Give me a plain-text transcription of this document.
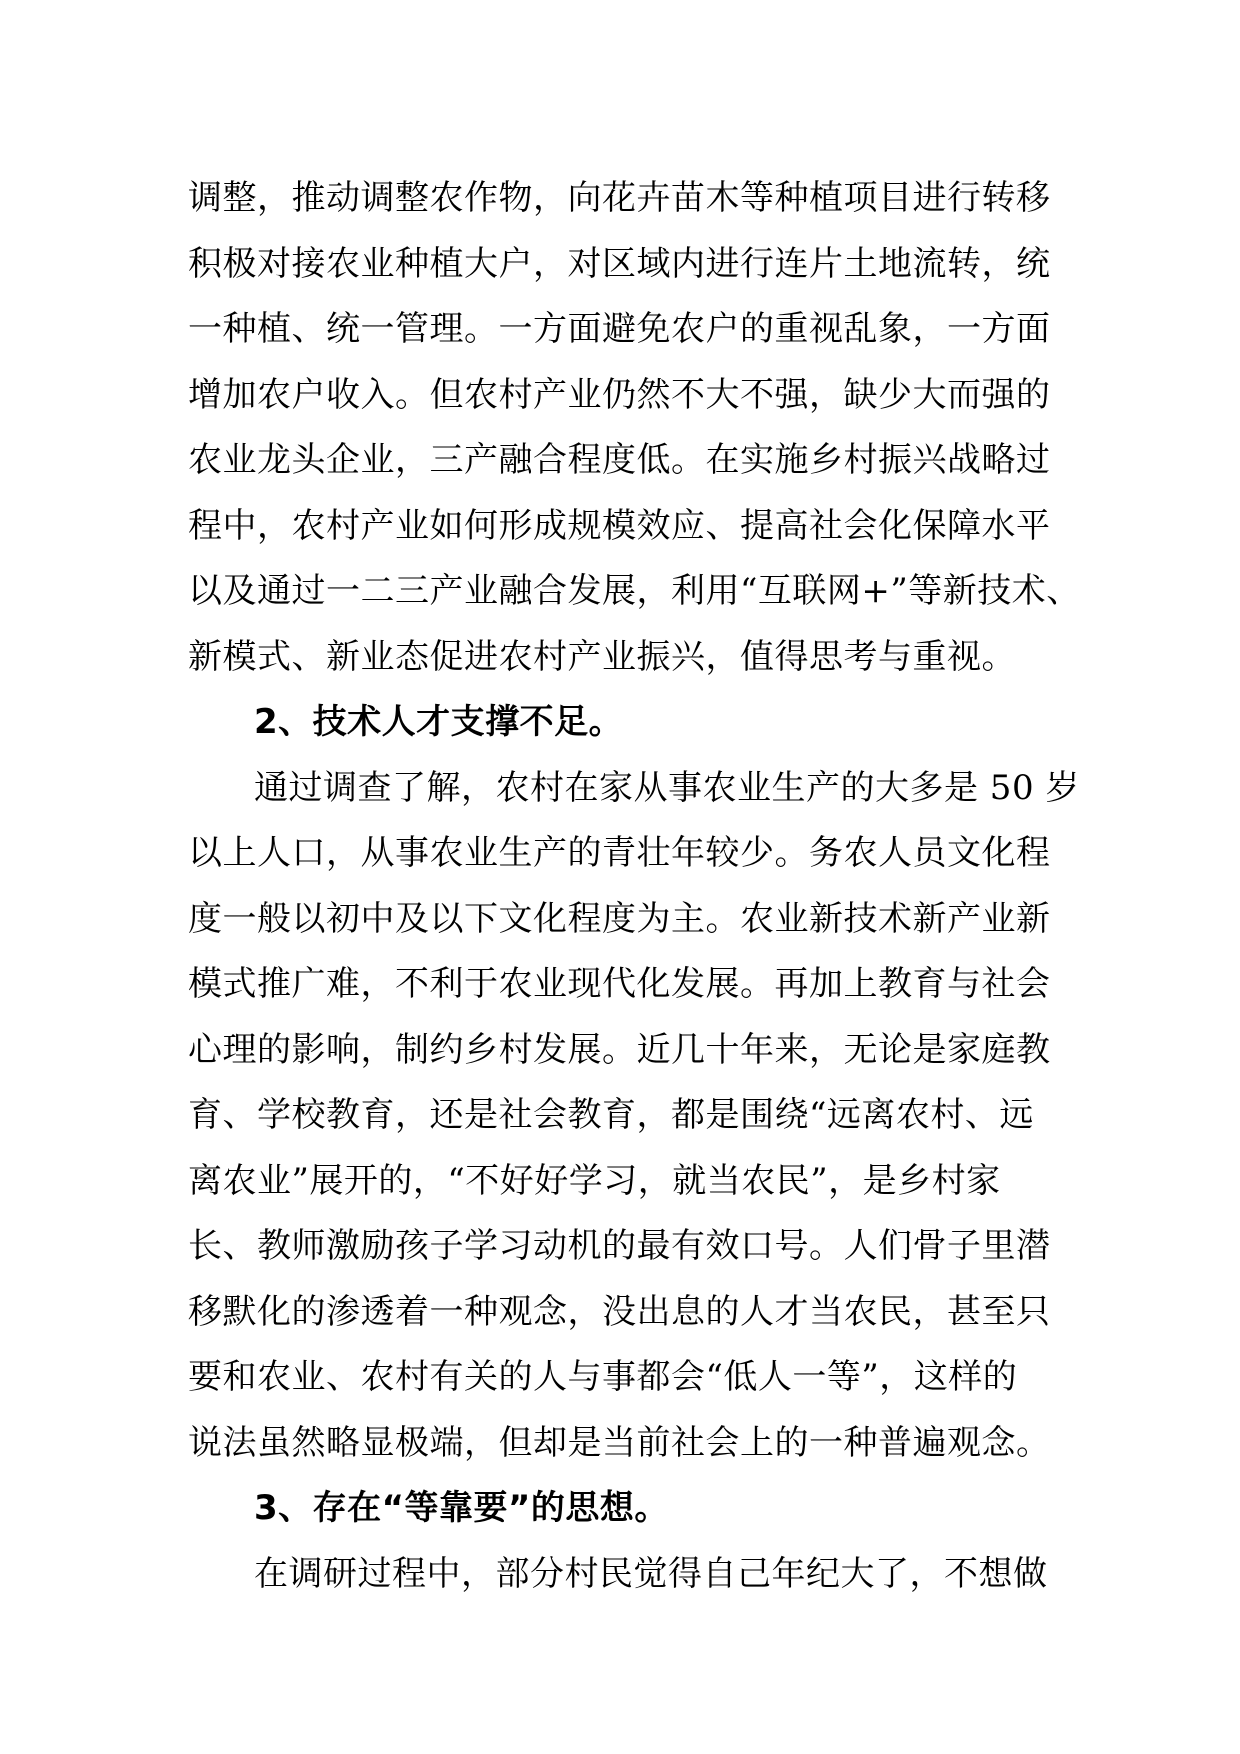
调整，推动调整农作物，向花卉苗木等种植项目进行转移
积极对接农业种植大户，对区域内进行连片土地流转，统
一种植、统一管理。一方面避免农户的重视乱象，一方面
增加农户收入。但农村产业仍然不大不强，缺少大而强的
农业龙头企业，三产融合程度低。在实施乡村振兴战略过
程中，农村产业如何形成规模效应、提高社会化保障水平
以及通过一二三产业融合发展，利用“互联网+”等新技术、
新模式、新业态促进农村产业振兴，值得思考与重视。
2、技术人才支撑不足。
通过调查了解，农村在家从事农业生产的大多是 50 岁
以上人口，从事农业生产的青壮年较少。务农人员文化程
度一般以初中及以下文化程度为主。农业新技术新产业新
模式推广难，不利于农业现代化发展。再加上教育与社会
心理的影响，制约乡村发展。近几十年来，无论是家庭教
育、学校教育，还是社会教育，都是围绕“远离农村、远
离农业”展开的，“不好好学习，就当农民”，是乡村家
长、教师激励孩子学习动机的最有效口号。人们骨子里潜
移默化的渗透着一种观念，没出息的人才当农民，甚至只
要和农业、农村有关的人与事都会“低人一等”，这样的
说法虽然略显极端，但却是当前社会上的一种普遍观念。
3、存在“等靠要”的思想。
在调研过程中，部分村民觉得自己年纪大了，不想做
